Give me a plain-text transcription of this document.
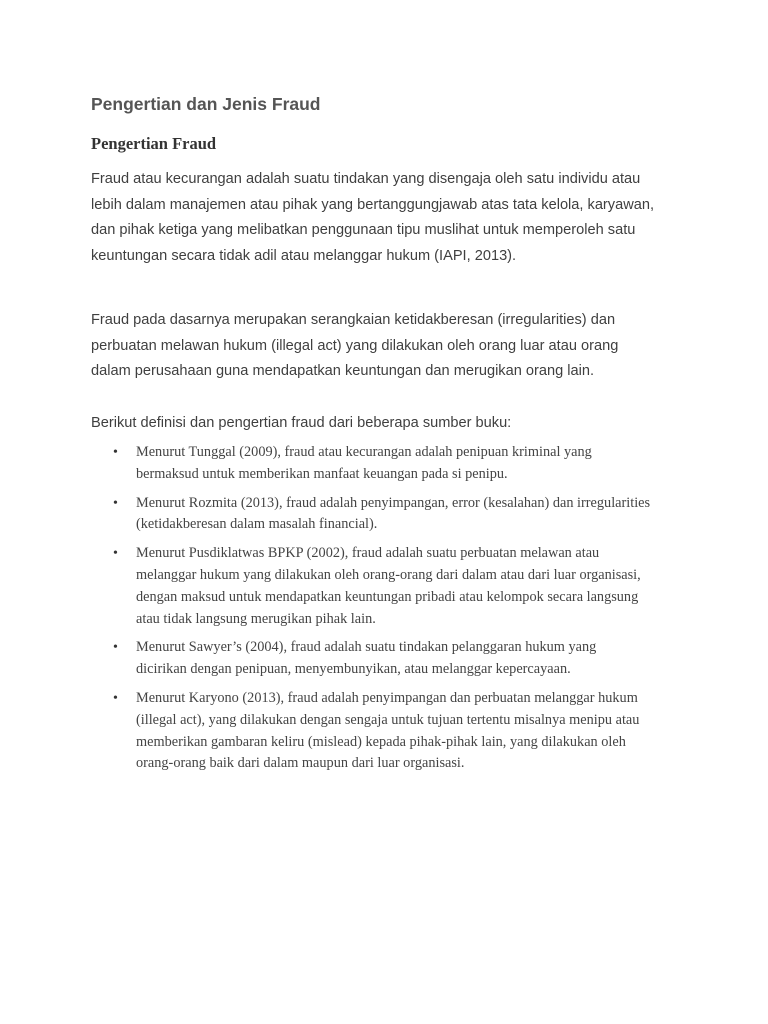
Pengertian dan Jenis Fraud
Pengertian Fraud

Fraud atau kecurangan adalah suatu tindakan yang disengaja oleh satu individu atau
lebih dalam manajemen atau pihak yang bertanggungjawab atas tata kelola, karyawan,
dan pihak ketiga yang melibatkan penggunaan tipu muslihat untuk memperoleh satu
keuntungan secara tidak adil atau melanggar hukum (IAPI, 2013).

Fraud pada dasarnya merupakan serangkaian ketidakberesan (irregularities) dan
perbuatan melawan hukum (illegal act) yang dilakukan oleh orang luar atau orang
dalam perusahaan guna mendapatkan keuntungan dan merugikan orang lain.

Berikut definisi dan pengertian fraud dari beberapa sumber buku:

• Menurut Tunggal (2009), fraud atau kecurangan adalah penipuan kriminal yang
bermaksud untuk memberikan manfaat keuangan pada si penipu.
• Menurut Rozmita (2013), fraud adalah penyimpangan, error (kesalahan) dan irregularities
(ketidakberesan dalam masalah financial).
• Menurut Pusdiklatwas BPKP (2002), fraud adalah suatu perbuatan melawan atau
melanggar hukum yang dilakukan oleh orang-orang dari dalam atau dari luar organisasi,
dengan maksud untuk mendapatkan keuntungan pribadi atau kelompok secara langsung
atau tidak langsung merugikan pihak lain.
• Menurut Sawyer’s (2004), fraud adalah suatu tindakan pelanggaran hukum yang
dicirikan dengan penipuan, menyembunyikan, atau melanggar kepercayaan.
• Menurut Karyono (2013), fraud adalah penyimpangan dan perbuatan melanggar hukum
(illegal act), yang dilakukan dengan sengaja untuk tujuan tertentu misalnya menipu atau
memberikan gambaran keliru (mislead) kepada pihak-pihak lain, yang dilakukan oleh
orang-orang baik dari dalam maupun dari luar organisasi.
